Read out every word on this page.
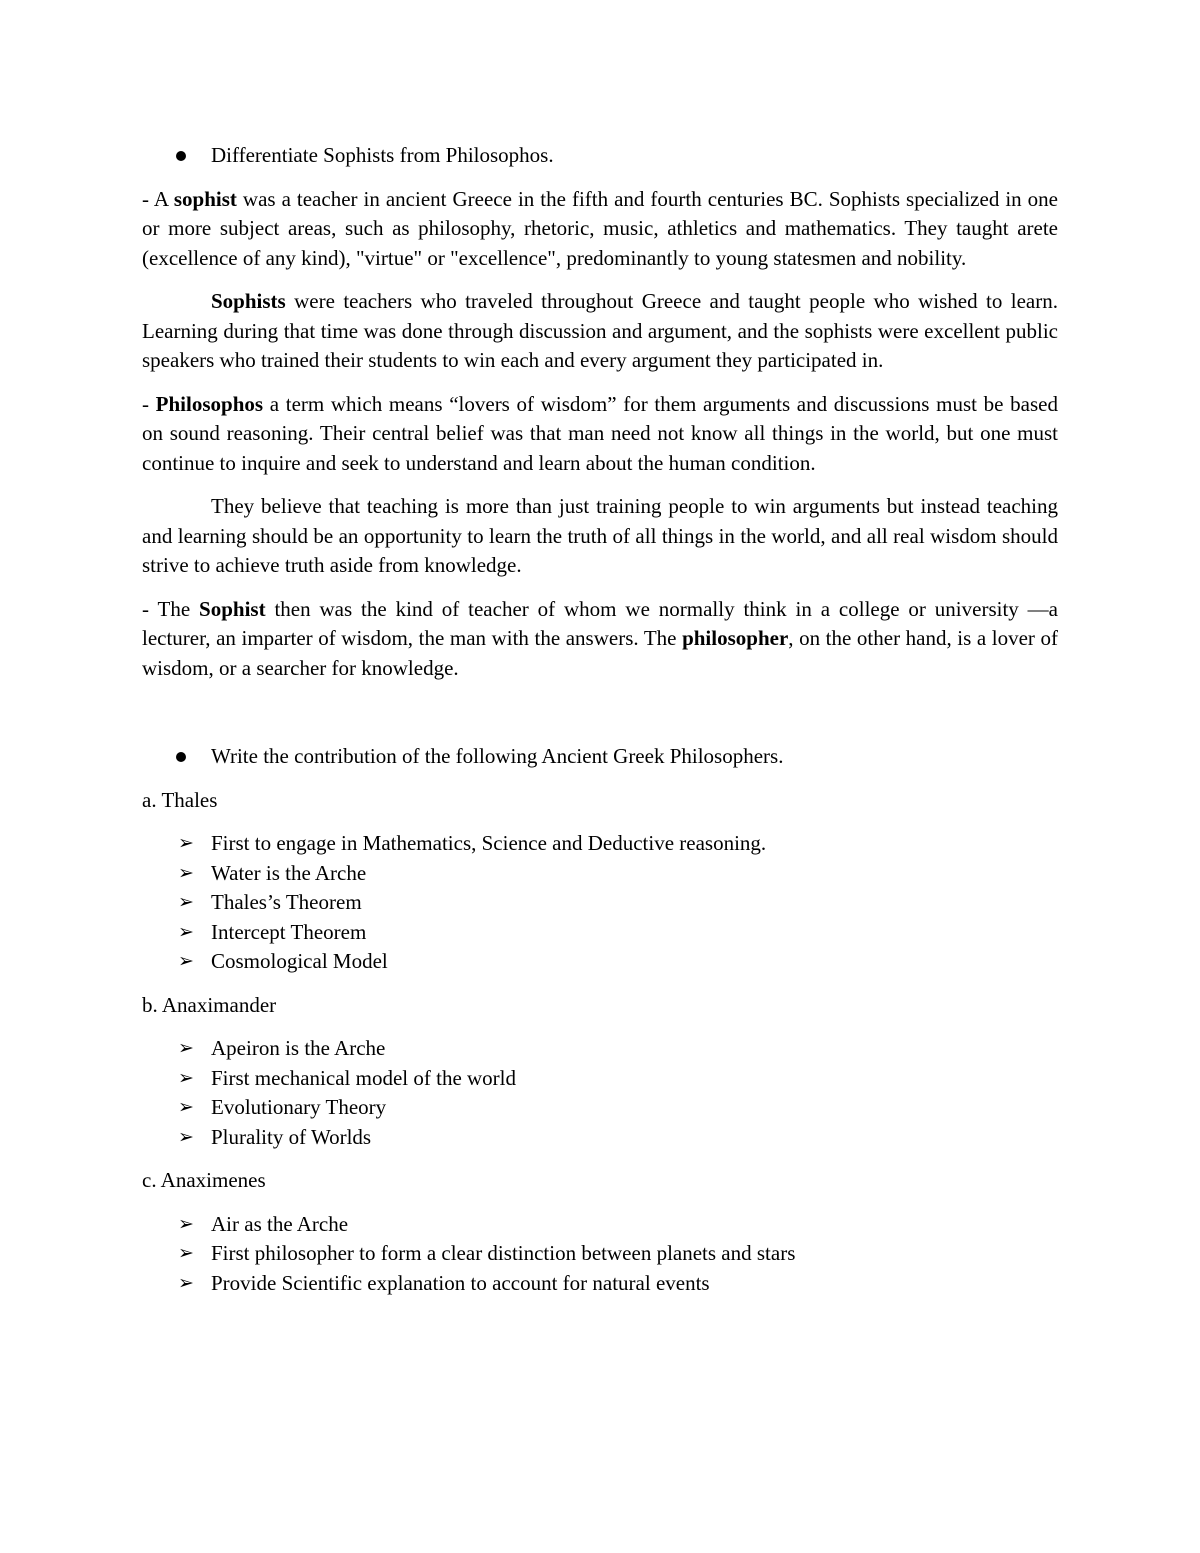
Differentiate Sophists from Philosophos.

- A sophist was a teacher in ancient Greece in the fifth and fourth centuries BC. Sophists specialized in one or more subject areas, such as philosophy, rhetoric, music, athletics and mathematics. They taught arete (excellence of any kind), "virtue" or "excellence", predominantly to young statesmen and nobility.

Sophists were teachers who traveled throughout Greece and taught people who wished to learn. Learning during that time was done through discussion and argument, and the sophists were excellent public speakers who trained their students to win each and every argument they participated in.

- Philosophos a term which means “lovers of wisdom” for them arguments and discussions must be based on sound reasoning. Their central belief was that man need not know all things in the world, but one must continue to inquire and seek to understand and learn about the human condition.

They believe that teaching is more than just training people to win arguments but instead teaching and learning should be an opportunity to learn the truth of all things in the world, and all real wisdom should strive to achieve truth aside from knowledge.

- The Sophist then was the kind of teacher of whom we normally think in a college or university —a lecturer, an imparter of wisdom, the man with the answers. The philosopher, on the other hand, is a lover of wisdom, or a searcher for knowledge.

Write the contribution of the following Ancient Greek Philosophers.
a. Thales
➢ First to engage in Mathematics, Science and Deductive reasoning.
➢ Water is the Arche
➢ Thales’s Theorem
➢ Intercept Theorem
➢ Cosmological Model
b. Anaximander
➢ Apeiron is the Arche
➢ First mechanical model of the world
➢ Evolutionary Theory
➢ Plurality of Worlds
c. Anaximenes
➢ Air as the Arche
➢ First philosopher to form a clear distinction between planets and stars
➢ Provide Scientific explanation to account for natural events
